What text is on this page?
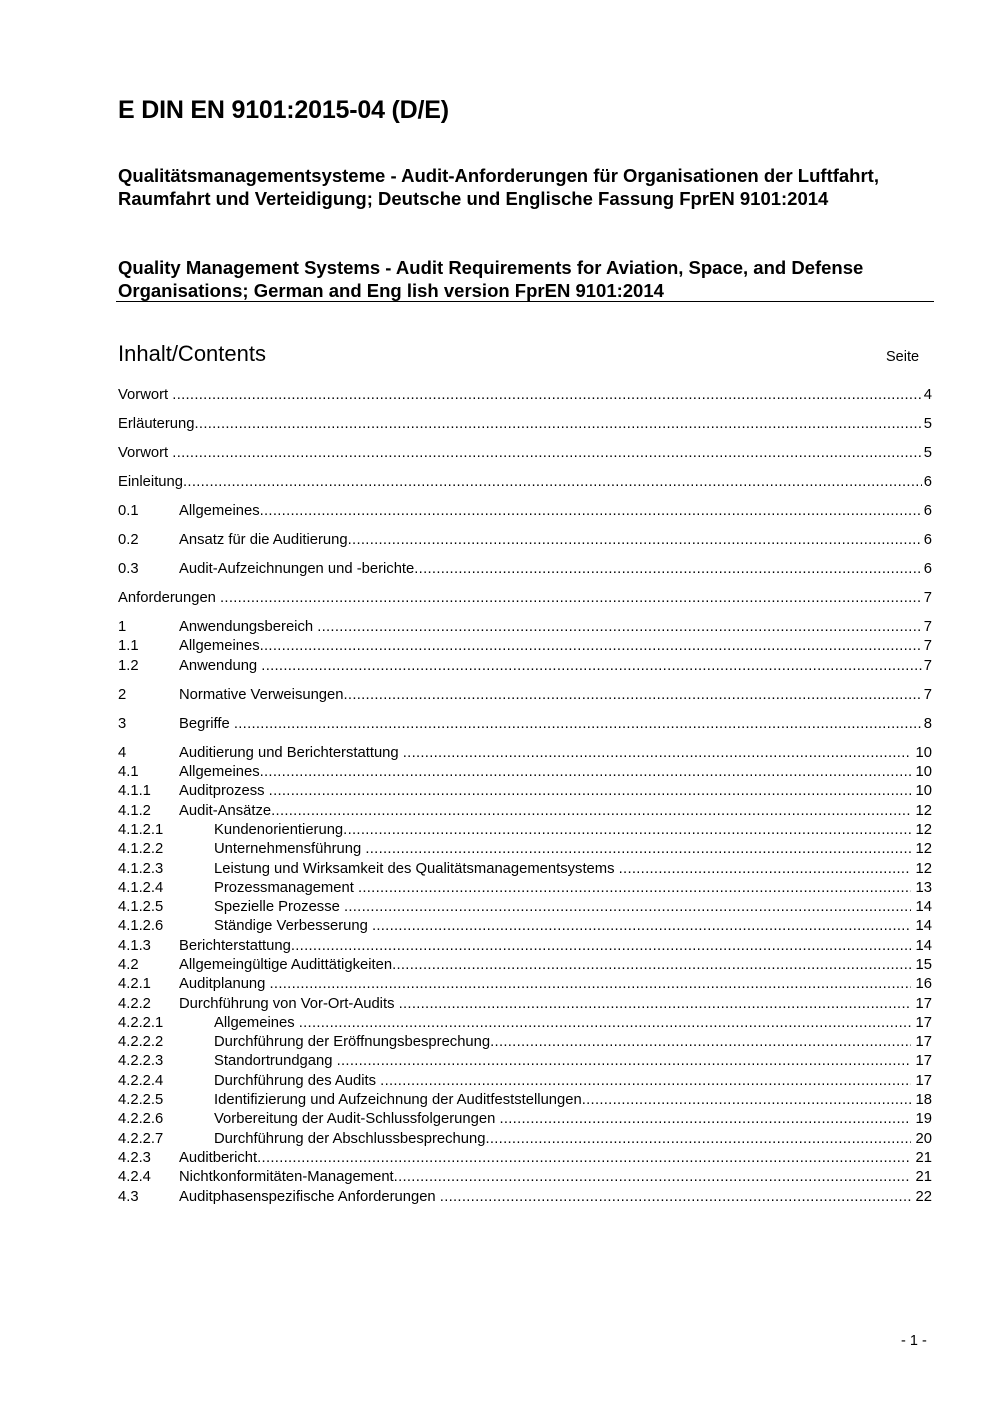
E DIN EN 9101:2015-04 (D/E)

Qualitätsmanagementsysteme - Audit-Anforderungen für Organisationen der Luftfahrt, Raumfahrt und Verteidigung; Deutsche und Englische Fassung FprEN 9101:2014

Quality Management Systems - Audit Requirements for Aviation, Space, and Defense Organisations; German and Eng lish version FprEN 9101:2014

Inhalt/Contents	Seite
Vorwort .....	4
Erläuterung .....	5
Vorwort .....	5
Einleitung .....	6
0.1	Allgemeines .....	6
0.2	Ansatz für die Auditierung .....	6
0.3	Audit-Aufzeichnungen und -berichte .....	6
Anforderungen .....	7
1	Anwendungsbereich .....	7
1.1	Allgemeines .....	7
1.2	Anwendung .....	7
2	Normative Verweisungen .....	7
3	Begriffe .....	8
4	Auditierung und Berichterstattung .....	10
4.1	Allgemeines .....	10
4.1.1	Auditprozess .....	10
4.1.2	Audit-Ansätze .....	12
4.1.2.1	Kundenorientierung .....	12
4.1.2.2	Unternehmensführung .....	12
4.1.2.3	Leistung und Wirksamkeit des Qualitätsmanagementsystems .....	12
4.1.2.4	Prozessmanagement .....	13
4.1.2.5	Spezielle Prozesse .....	14
4.1.2.6	Ständige Verbesserung .....	14
4.1.3	Berichterstattung .....	14
4.2	Allgemeingültige Audittätigkeiten .....	15
4.2.1	Auditplanung .....	16
4.2.2	Durchführung von Vor-Ort-Audits .....	17
4.2.2.1	Allgemeines .....	17
4.2.2.2	Durchführung der Eröffnungsbesprechung .....	17
4.2.2.3	Standortrundgang .....	17
4.2.2.4	Durchführung des Audits .....	17
4.2.2.5	Identifizierung und Aufzeichnung der Auditfeststellungen .....	18
4.2.2.6	Vorbereitung der Audit-Schlussfolgerungen .....	19
4.2.2.7	Durchführung der Abschlussbesprechung .....	20
4.2.3	Auditbericht .....	21
4.2.4	Nichtkonformitäten-Management .....	21
4.3	Auditphasenspezifische Anforderungen .....	22
- 1 -
